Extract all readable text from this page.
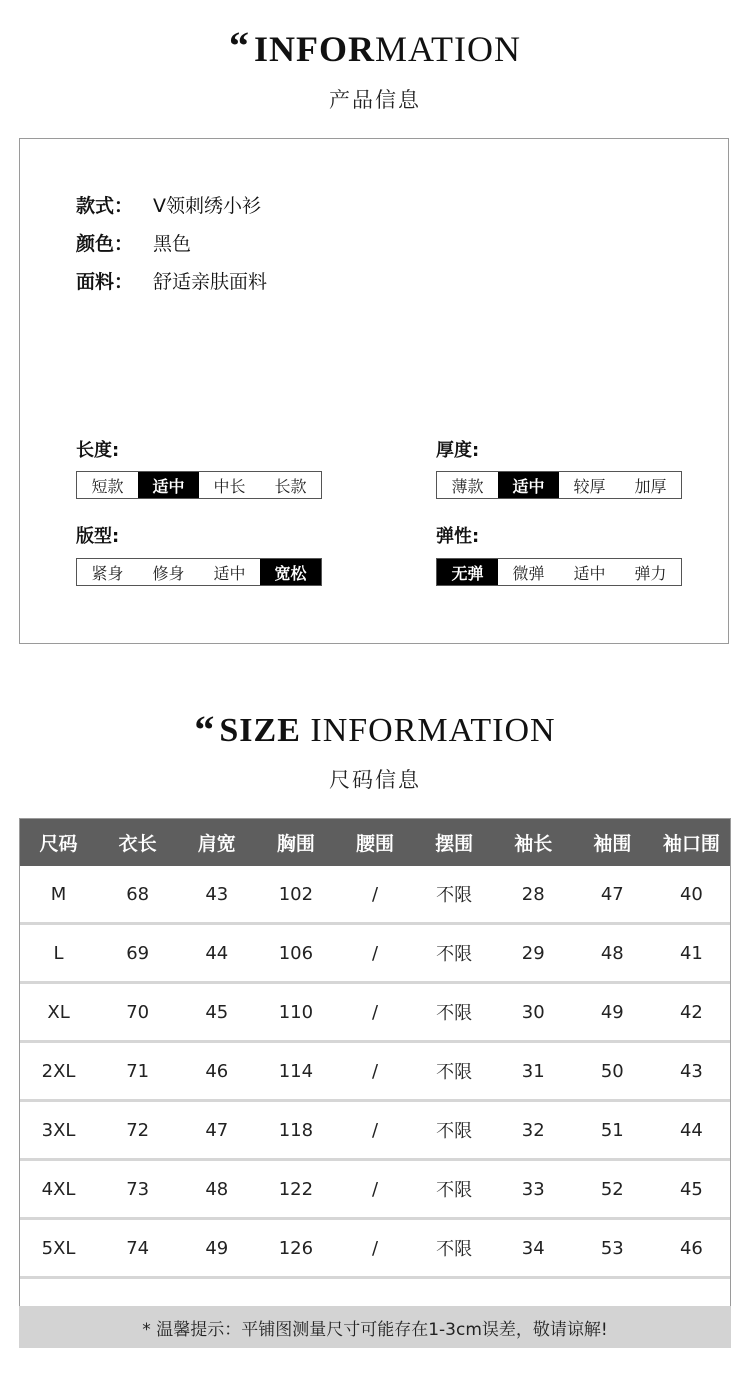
“ INFORMATION
产品信息
款式： V领刺绣小衫
颜色： 黑色
面料： 舒适亲肤面料
长度:
短款	适中	中长	长款
厚度:
薄款	适中	较厚	加厚
版型:
紧身	修身	适中	宽松
弹性:
无弹	微弹	适中	弹力
“ SIZE INFORMATION
尺码信息
尺码	衣长	肩宽	胸围	腰围	摆围	袖长	袖围	袖口围
M	68	43	102	/	不限	28	47	40
L	69	44	106	/	不限	29	48	41
XL	70	45	110	/	不限	30	49	42
2XL	71	46	114	/	不限	31	50	43
3XL	72	47	118	/	不限	32	51	44
4XL	73	48	122	/	不限	33	52	45
5XL	74	49	126	/	不限	34	53	46

* 温馨提示：平铺图测量尺寸可能存在1-3cm误差，敬请谅解!
